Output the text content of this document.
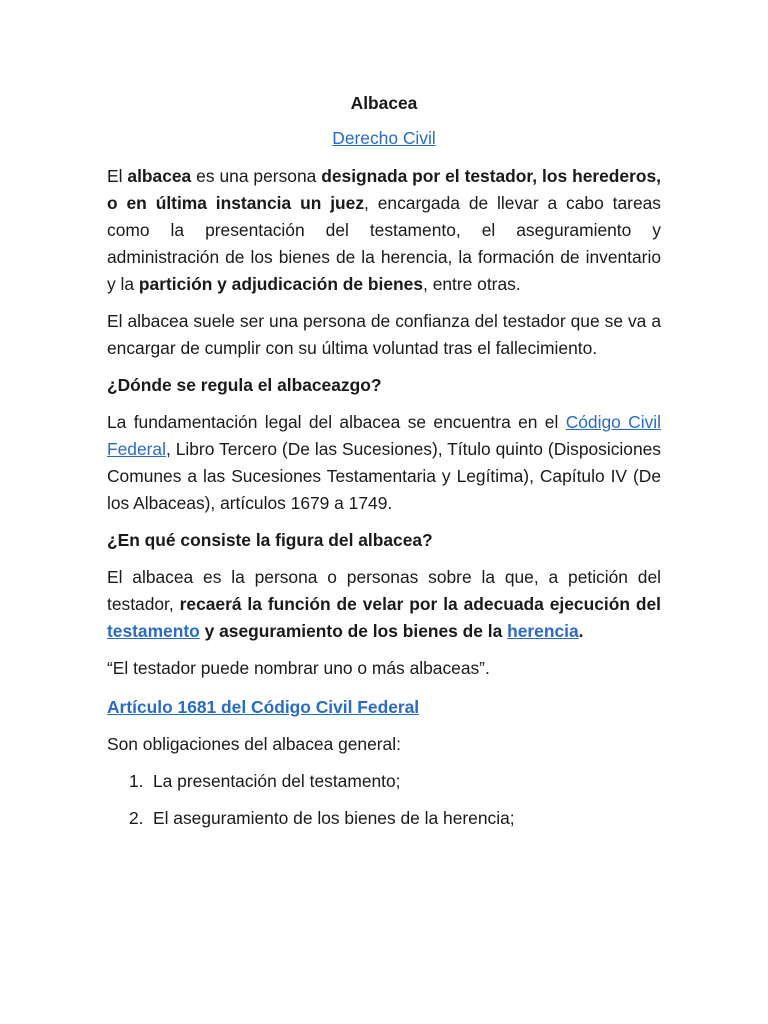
Albacea
Derecho Civil

El albacea es una persona designada por el testador, los herederos, o en última instancia un juez, encargada de llevar a cabo tareas como la presentación del testamento, el aseguramiento y administración de los bienes de la herencia, la formación de inventario y la partición y adjudicación de bienes, entre otras.

El albacea suele ser una persona de confianza del testador que se va a encargar de cumplir con su última voluntad tras el fallecimiento.

¿Dónde se regula el albaceazgo?

La fundamentación legal del albacea se encuentra en el Código Civil Federal, Libro Tercero (De las Sucesiones), Título quinto (Disposiciones Comunes a las Sucesiones Testamentaria y Legítima), Capítulo IV (De los Albaceas), artículos 1679 a 1749.

¿En qué consiste la figura del albacea?

El albacea es la persona o personas sobre la que, a petición del testador, recaerá la función de velar por la adecuada ejecución del testamento y aseguramiento de los bienes de la herencia.

“El testador puede nombrar uno o más albaceas”.

Artículo 1681 del Código Civil Federal

Son obligaciones del albacea general:

1. La presentación del testamento;
2. El aseguramiento de los bienes de la herencia;
